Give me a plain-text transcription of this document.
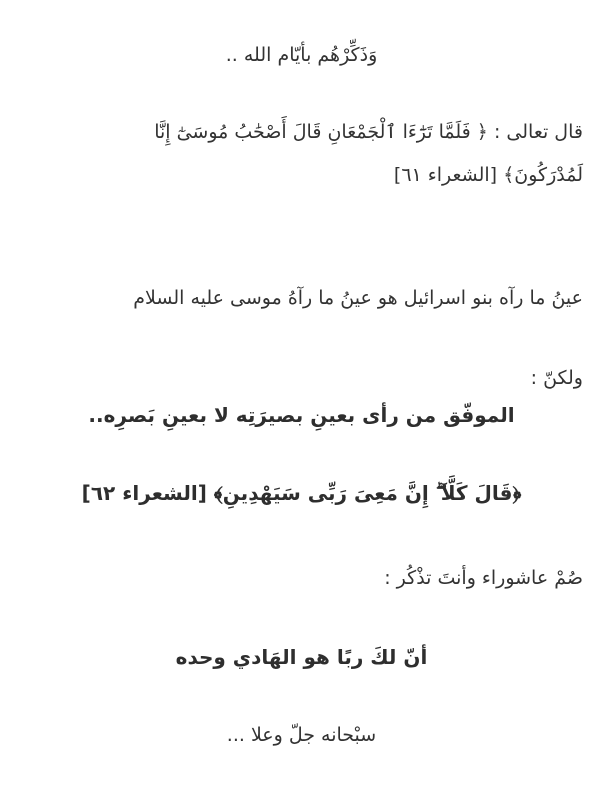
وَذَكِّرْهُم بأيّام الله ..
قال تعالى : ﴿ فَلَمَّا تَرَٰٓءَا ٱلْجَمْعَانِ قَالَ أَصْحَٰبُ مُوسَىٰٓ إِنَّا
لَمُدْرَكُونَ﴾ [الشعراء ٦١]
عينُ ما رآه بنو اسرائيل هو عينُ ما رآهُ موسى عليه السلام
ولكنّ :
الموفّق من رأى بعينِ بصيرَتِه لا بعينِ بَصرِه..
﴿قَالَ كَلَّآ ۖ إِنَّ مَعِىَ رَبِّى سَيَهْدِينِ﴾ [الشعراء ٦٢]
صُمْ عاشوراء وأنتَ تذْكُر :
أنّ لكَ ربًا هو الهَادي وحده
سبْحانه جلّ وعلا ...
